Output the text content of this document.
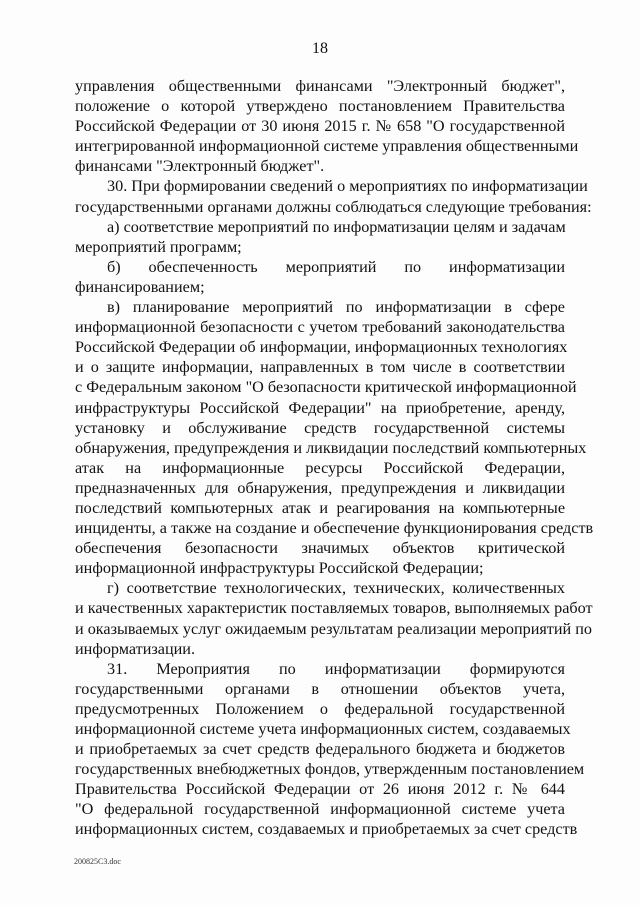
18
управления общественными финансами "Электронный бюджет",
положение о которой утверждено постановлением Правительства
Российской Федерации от 30 июня 2015 г. № 658 "О государственной
интегрированной информационной системе управления общественными
финансами "Электронный бюджет".
30. При формировании сведений о мероприятиях по информатизации
государственными органами должны соблюдаться следующие требования:
а) соответствие мероприятий по информатизации целям и задачам
мероприятий программ;
б) обеспеченность мероприятий по информатизации
финансированием;
в) планирование мероприятий по информатизации в сфере
информационной безопасности с учетом требований законодательства
Российской Федерации об информации, информационных технологиях
и о защите информации, направленных в том числе в соответствии
с Федеральным законом "О безопасности критической информационной
инфраструктуры Российской Федерации" на приобретение, аренду,
установку и обслуживание средств государственной системы
обнаружения, предупреждения и ликвидации последствий компьютерных
атак на информационные ресурсы Российской Федерации,
предназначенных для обнаружения, предупреждения и ликвидации
последствий компьютерных атак и реагирования на компьютерные
инциденты, а также на создание и обеспечение функционирования средств
обеспечения безопасности значимых объектов критической
информационной инфраструктуры Российской Федерации;
г) соответствие технологических, технических, количественных
и качественных характеристик поставляемых товаров, выполняемых работ
и оказываемых услуг ожидаемым результатам реализации мероприятий по
информатизации.
31. Мероприятия по информатизации формируются
государственными органами в отношении объектов учета,
предусмотренных Положением о федеральной государственной
информационной системе учета информационных систем, создаваемых
и приобретаемых за счет средств федерального бюджета и бюджетов
государственных внебюджетных фондов, утвержденным постановлением
Правительства Российской Федерации от 26 июня 2012 г. № 644
"О федеральной государственной информационной системе учета
информационных систем, создаваемых и приобретаемых за счет средств
200825C3.doc
